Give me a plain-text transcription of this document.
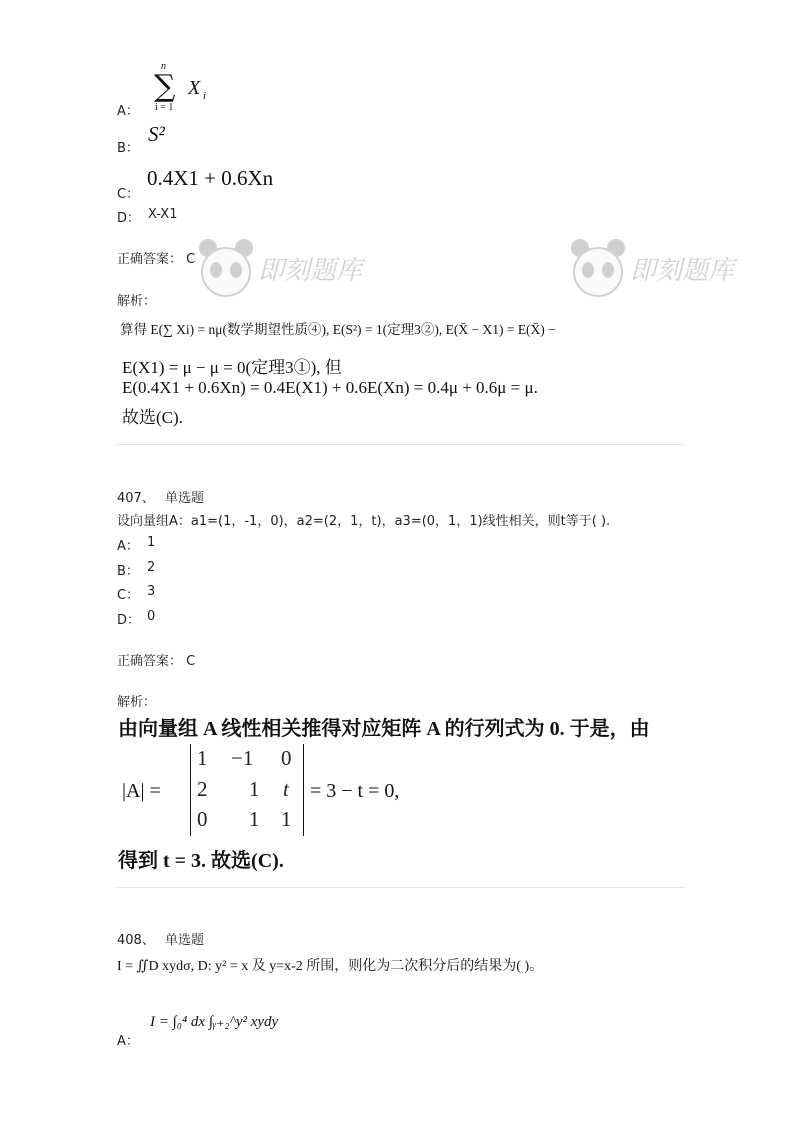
A：
n
∑
i = 1
X i
B：
S²
C：
0.4X1 + 0.6Xn
D： X-X1
正确答案： C 即刻题库	即刻题库
解析：
算得 E(∑ Xi) = nμ(数学期望性质④), E(S²) = 1(定理3②), E(X̄ − X1) = E(X̄) −
E(X1) = μ − μ = 0(定理3①), 但
E(0.4X1 + 0.6Xn) = 0.4E(X1) + 0.6E(Xn) = 0.4μ + 0.6μ = μ.
故选(C).
407、 单选题
设向量组A：a1=(1，-1，0)，a2=(2，1，t)，a3=(0，1，1)线性相关，则t等于( ).
A： 1
B： 2
C： 3
D： 0
正确答案： C
解析：
由向量组 A 线性相关推得对应矩阵 A 的行列式为 0. 于是，由
|A| =
1 −1 0
2 1 t
0 1 1
= 3 − t = 0,
得到 t = 3. 故选(C).
408、 单选题
I = ∬D xydσ, D: y² = x 及 y=x-2 所围，则化为二次积分后的结果为( )。
A：
I = ∫₀⁴ dx ∫ᵧ₊₂^y² xydy
